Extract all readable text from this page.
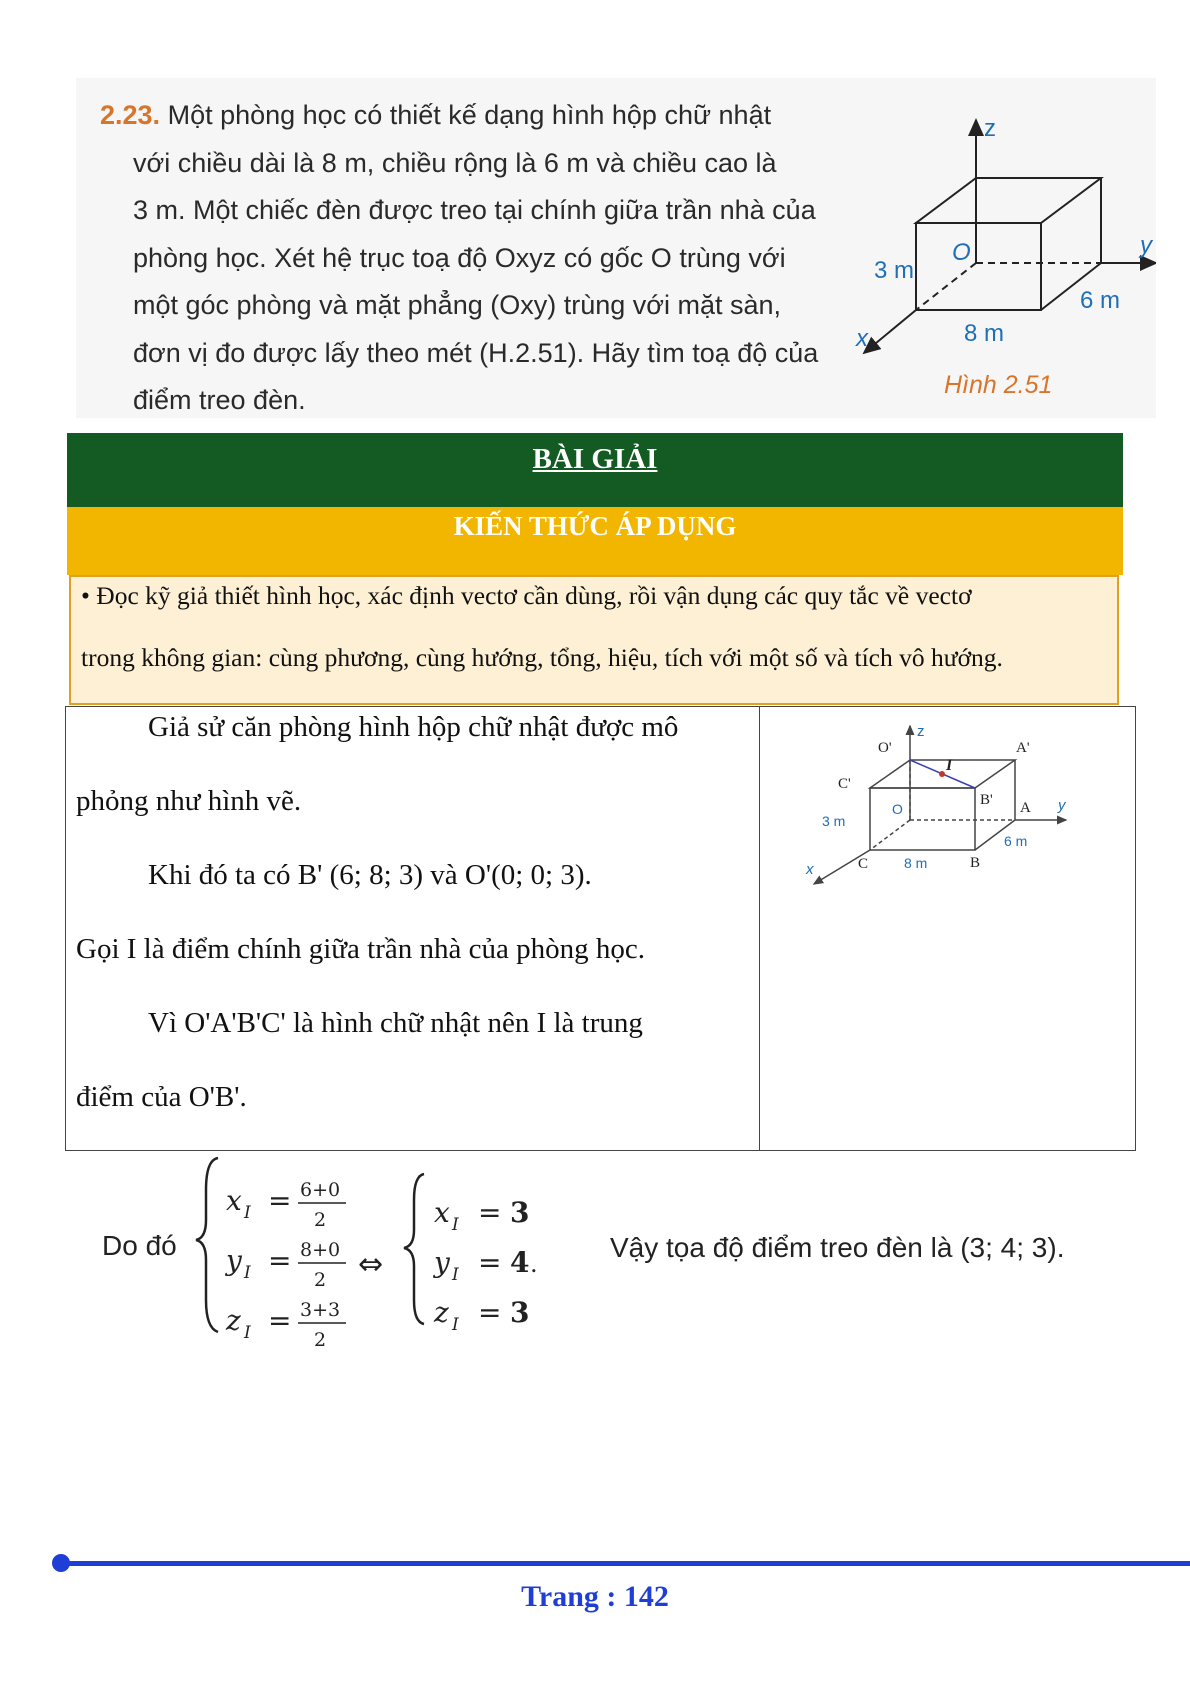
2.23. Một phòng học có thiết kế dạng hình hộp chữ nhật
với chiều dài là 8 m, chiều rộng là 6 m và chiều cao là
3 m. Một chiếc đèn được treo tại chính giữa trần nhà của
phòng học. Xét hệ trục toạ độ Oxyz có gốc O trùng với
một góc phòng và mặt phẳng (Oxy) trùng với mặt sàn,
đơn vị đo được lấy theo mét (H.2.51). Hãy tìm toạ độ của
điểm treo đèn.
z
y
x
O
3 m
8 m
6 m
Hình 2.51
BÀI GIẢI
KIẾN THỨC ÁP DỤNG

• Đọc kỹ giả thiết hình học, xác định vectơ cần dùng, rồi vận dụng các quy tắc về vectơ

trong không gian: cùng phương, cùng hướng, tổng, hiệu, tích với một số và tích vô hướng.

Giả sử căn phòng hình hộp chữ nhật được mô
phỏng như hình vẽ.
Khi đó ta có B' (6; 8; 3) và O'(0; 0; 3).
Gọi I là điểm chính giữa trần nhà của phòng học.
Vì O'A'B'C' là hình chữ nhật nên I là trung
điểm của O'B'.
z
y
x
O'	A'
B'
C'
O	A
B
C
I
3 m
8 m
6 m
Do đó
x I = 6+0
2
y I = 8+0
2
z I = 3+3
2
⇔
x I = 3
y I = 4 .
z I = 3
Vậy tọa độ điểm treo đèn là (3; 4; 3).
Trang : 142
